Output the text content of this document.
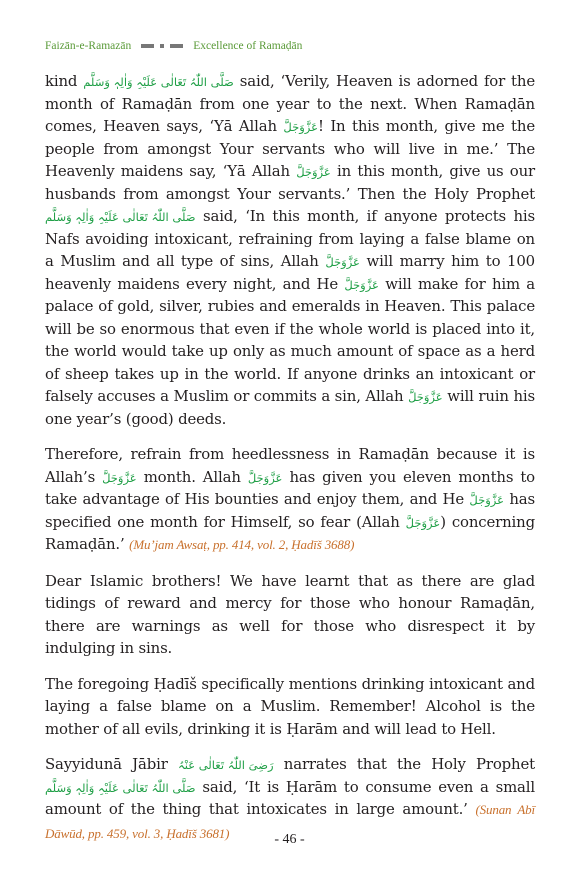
Faizān-e-Ramazān	Excellence of Ramaḍān

kind صَلَّی اللّٰہُ تَعَالٰی عَلَیْہِ وَاٰلِہٖ وَسَلَّم said, ‘Verily, Heaven is adorned for the month of Ramaḍān from one year to the next. When Ramaḍān comes, Heaven says, ‘Yā Allah عَزَّوَجَلَّ! In this month, give me the people from amongst Your servants who will live in me.’ The Heavenly maidens say, ‘Yā Allah عَزَّوَجَلَّ in this month, give us our husbands from amongst Your servants.’ Then the Holy Prophet صَلَّی اللّٰہُ تَعَالٰی عَلَیْہِ وَاٰلِہٖ وَسَلَّم said, ‘In this month, if anyone protects his Nafs avoiding intoxicant, refraining from laying a false blame on a Muslim and all type of sins, Allah عَزَّوَجَلَّ will marry him to 100 heavenly maidens every night, and He عَزَّوَجَلَّ will make for him a palace of gold, silver, rubies and emeralds in Heaven. This palace will be so enormous that even if the whole world is placed into it, the world would take up only as much amount of space as a herd of sheep takes up in the world. If anyone drinks an intoxicant or falsely accuses a Muslim or commits a sin, Allah عَزَّوَجَلَّ will ruin his one year’s (good) deeds.

Therefore, refrain from heedlessness in Ramaḍān because it is Allah’s عَزَّوَجَلَّ month. Allah عَزَّوَجَلَّ has given you eleven months to take advantage of His bounties and enjoy them, and He عَزَّوَجَلَّ has specified one month for Himself, so fear (Allah عَزَّوَجَلَّ) concerning Ramaḍān.’ (Mu’jam Awsaṭ, pp. 414, vol. 2, Ḥadīš 3688)

Dear Islamic brothers! We have learnt that as there are glad tidings of reward and mercy for those who honour Ramaḍān, there are warnings as well for those who disrespect it by indulging in sins.

The foregoing Ḥadīš specifically mentions drinking intoxicant and laying a false blame on a Muslim. Remember! Alcohol is the mother of all evils, drinking it is Ḥarām and will lead to Hell.

Sayyidunā Jābir رَضِیَ اللّٰہُ تَعَالٰی عَنْہُ narrates that the Holy Prophet صَلَّی اللّٰہُ تَعَالٰی عَلَیْہِ وَاٰلِہٖ وَسَلَّم said, ‘It is Ḥarām to consume even a small amount of the thing that intoxicates in large amount.’ (Sunan Abī Dāwūd, pp. 459, vol. 3, Ḥadīš 3681)	- 46 -
